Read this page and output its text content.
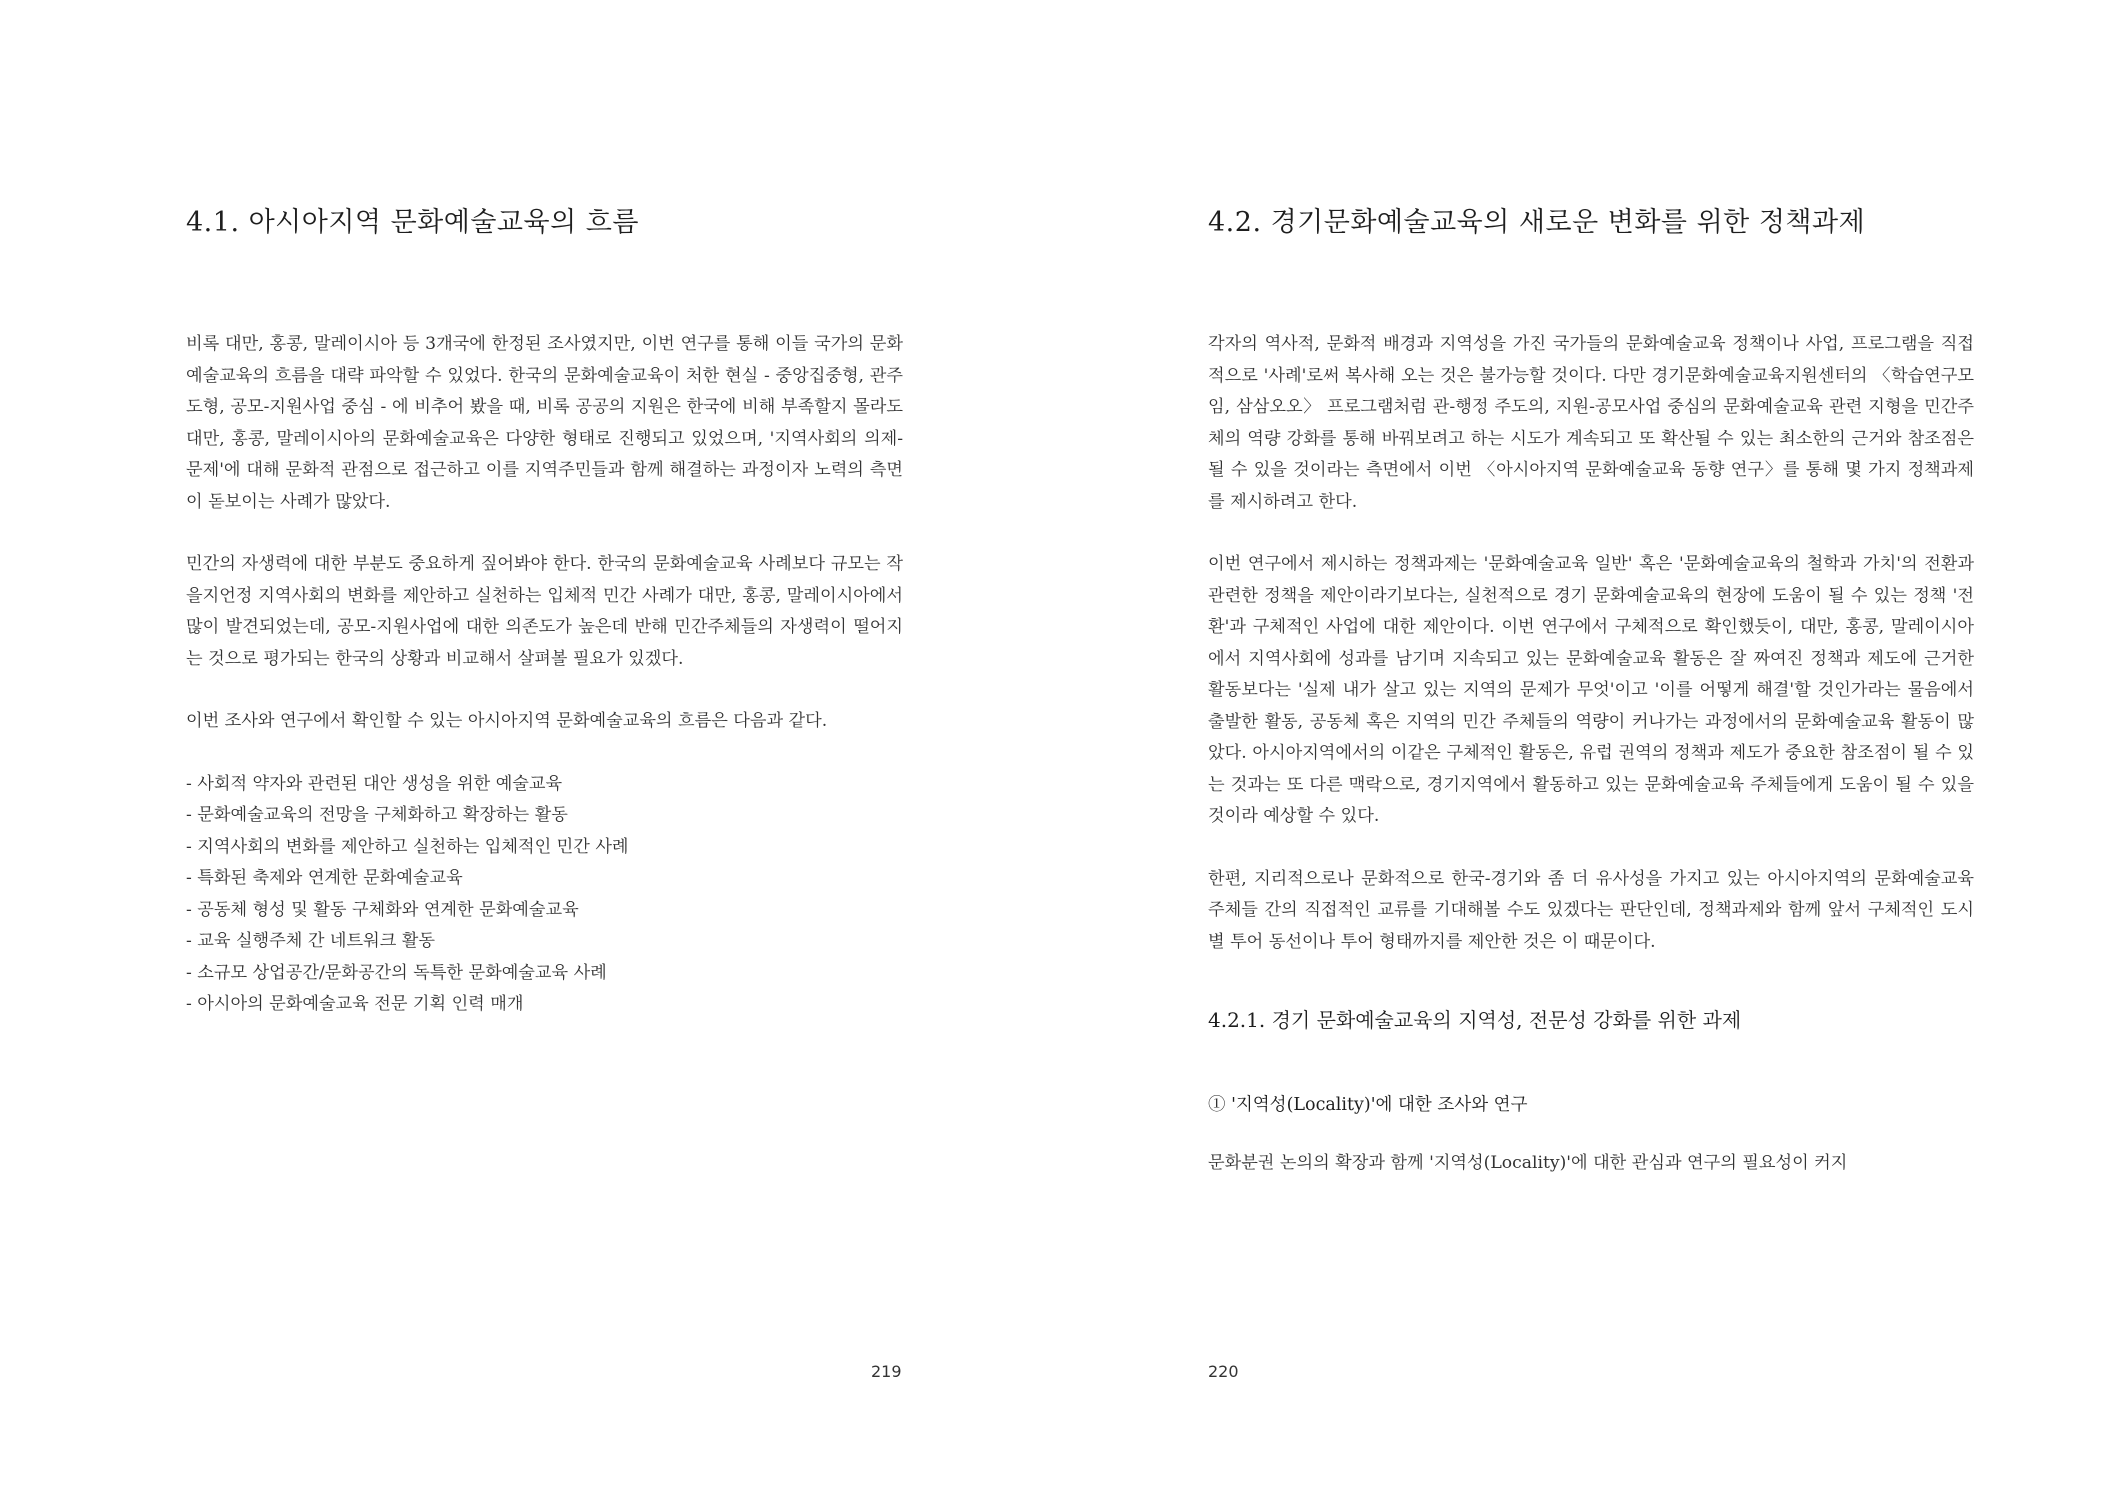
4.1. 아시아지역 문화예술교육의 흐름

비록 대만, 홍콩, 말레이시아 등 3개국에 한정된 조사였지만, 이번 연구를 통해 이들 국가의 문화예술교육의 흐름을 대략 파악할 수 있었다. 한국의 문화예술교육이 처한 현실 - 중앙집중형, 관주도형, 공모-지원사업 중심 - 에 비추어 봤을 때, 비록 공공의 지원은 한국에 비해 부족할지 몰라도 대만, 홍콩, 말레이시아의 문화예술교육은 다양한 형태로 진행되고 있었으며, '지역사회의 의제-문제'에 대해 문화적 관점으로 접근하고 이를 지역주민들과 함께 해결하는 과정이자 노력의 측면이 돋보이는 사례가 많았다.

민간의 자생력에 대한 부분도 중요하게 짚어봐야 한다. 한국의 문화예술교육 사례보다 규모는 작을지언정 지역사회의 변화를 제안하고 실천하는 입체적 민간 사례가 대만, 홍콩, 말레이시아에서 많이 발견되었는데, 공모-지원사업에 대한 의존도가 높은데 반해 민간주체들의 자생력이 떨어지는 것으로 평가되는 한국의 상황과 비교해서 살펴볼 필요가 있겠다.

이번 조사와 연구에서 확인할 수 있는 아시아지역 문화예술교육의 흐름은 다음과 같다.

- 사회적 약자와 관련된 대안 생성을 위한 예술교육
- 문화예술교육의 전망을 구체화하고 확장하는 활동
- 지역사회의 변화를 제안하고 실천하는 입체적인 민간 사례
- 특화된 축제와 연계한 문화예술교육
- 공동체 형성 및 활동 구체화와 연계한 문화예술교육
- 교육 실행주체 간 네트워크 활동
- 소규모 상업공간/문화공간의 독특한 문화예술교육 사례
- 아시아의 문화예술교육 전문 기획 인력 매개
219
4.2. 경기문화예술교육의 새로운 변화를 위한 정책과제

각자의 역사적, 문화적 배경과 지역성을 가진 국가들의 문화예술교육 정책이나 사업, 프로그램을 직접적으로 '사례'로써 복사해 오는 것은 불가능할 것이다. 다만 경기문화예술교육지원센터의 〈학습연구모임, 삼삼오오〉 프로그램처럼 관-행정 주도의, 지원-공모사업 중심의 문화예술교육 관련 지형을 민간주체의 역량 강화를 통해 바꿔보려고 하는 시도가 계속되고 또 확산될 수 있는 최소한의 근거와 참조점은 될 수 있을 것이라는 측면에서 이번 〈아시아지역 문화예술교육 동향 연구〉를 통해 몇 가지 정책과제를 제시하려고 한다.

이번 연구에서 제시하는 정책과제는 '문화예술교육 일반' 혹은 '문화예술교육의 철학과 가치'의 전환과 관련한 정책을 제안이라기보다는, 실천적으로 경기 문화예술교육의 현장에 도움이 될 수 있는 정책 '전환'과 구체적인 사업에 대한 제안이다. 이번 연구에서 구체적으로 확인했듯이, 대만, 홍콩, 말레이시아에서 지역사회에 성과를 남기며 지속되고 있는 문화예술교육 활동은 잘 짜여진 정책과 제도에 근거한 활동보다는 '실제 내가 살고 있는 지역의 문제가 무엇'이고 '이를 어떻게 해결'할 것인가라는 물음에서 출발한 활동, 공동체 혹은 지역의 민간 주체들의 역량이 커나가는 과정에서의 문화예술교육 활동이 많았다. 아시아지역에서의 이같은 구체적인 활동은, 유럽 권역의 정책과 제도가 중요한 참조점이 될 수 있는 것과는 또 다른 맥락으로, 경기지역에서 활동하고 있는 문화예술교육 주체들에게 도움이 될 수 있을 것이라 예상할 수 있다.

한편, 지리적으로나 문화적으로 한국-경기와 좀 더 유사성을 가지고 있는 아시아지역의 문화예술교육 주체들 간의 직접적인 교류를 기대해볼 수도 있겠다는 판단인데, 정책과제와 함께 앞서 구체적인 도시별 투어 동선이나 투어 형태까지를 제안한 것은 이 때문이다.

4.2.1. 경기 문화예술교육의 지역성, 전문성 강화를 위한 과제
① '지역성(Locality)'에 대한 조사와 연구

문화분권 논의의 확장과 함께 '지역성(Locality)'에 대한 관심과 연구의 필요성이 커지

220
